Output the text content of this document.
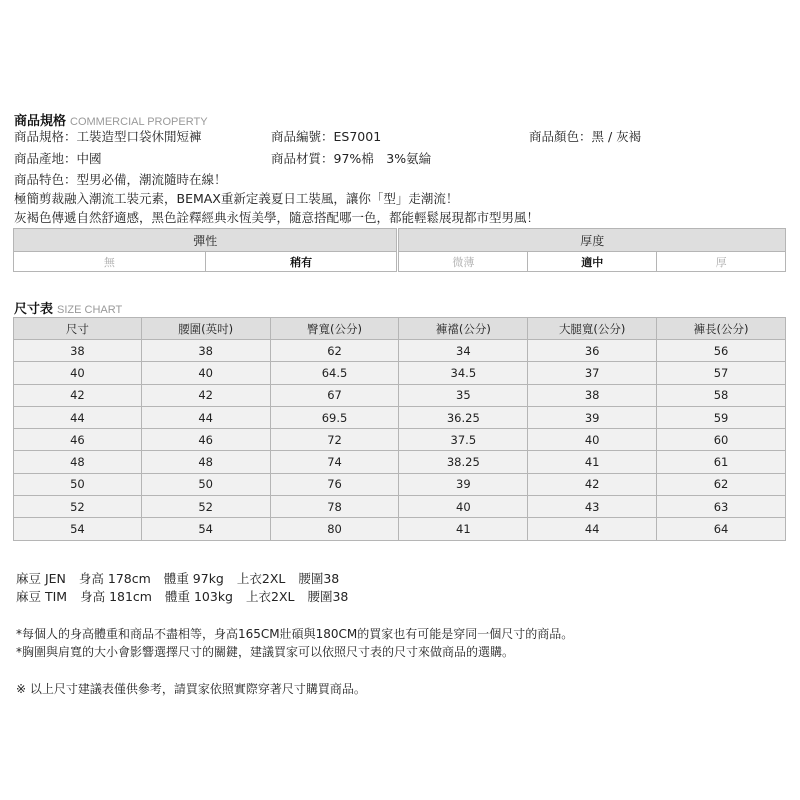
商品規格 COMMERCIAL PROPERTY
商品規格：工裝造型口袋休閒短褲	商品編號：ES7001	商品顏色：黑 / 灰褐
商品產地：中國	商品材質：97%棉　3%氨綸
商品特色：型男必備，潮流隨時在線！
極簡剪裁融入潮流工裝元素，BEMAX重新定義夏日工裝風，讓你「型」走潮流！
灰褐色傳遞自然舒適感，黑色詮釋經典永恆美學，隨意搭配哪一色，都能輕鬆展現都市型男風！
彈性			厚度		
無	稍有		微薄	適中	厚
尺寸表 SIZE CHART
尺寸	腰圍(英吋)	臀寬(公分)	褲襠(公分)	大腿寬(公分)	褲長(公分)
38	38	62	34	36	56
40	40	64.5	34.5	37	57
42	42	67	35	38	58
44	44	69.5	36.25	39	59
46	46	72	37.5	40	60
48	48	74	38.25	41	61
50	50	76	39	42	62
52	52	78	40	43	63
54	54	80	41	44	64
麻豆 JEN 身高 178cm 體重 97kg 上衣2XL 腰圍38
麻豆 TIM 身高 181cm 體重 103kg 上衣2XL 腰圍38
*每個人的身高體重和商品不盡相等，身高165CM壯碩與180CM的買家也有可能是穿同一個尺寸的商品。
*胸圍與肩寬的大小會影響選擇尺寸的關鍵，建議買家可以依照尺寸表的尺寸來做商品的選購。
※ 以上尺寸建議表僅供參考，請買家依照實際穿著尺寸購買商品。
